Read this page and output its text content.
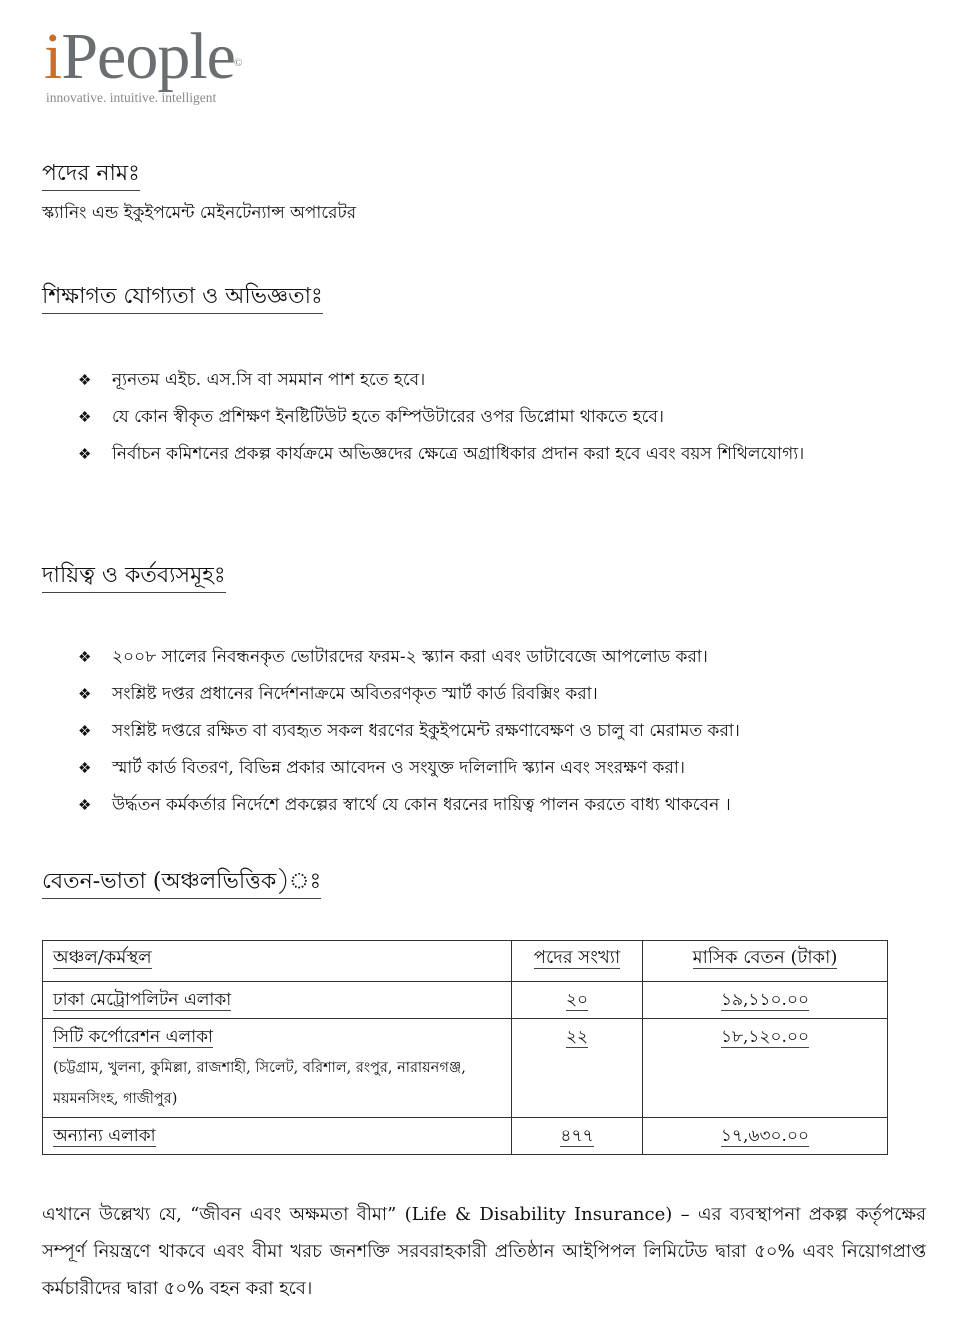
iPeople ©
innovative. intuitive. intelligent
পদের নামঃ
স্ক্যানিং এন্ড ইকুইপমেন্ট মেইনটেন্যান্স অপারেটর
শিক্ষাগত যোগ্যতা ও অভিজ্ঞতাঃ
❖ ন্যূনতম এইচ. এস.সি বা সমমান পাশ হতে হবে।
❖ যে কোন স্বীকৃত প্রশিক্ষণ ইনষ্টিটিউট হতে কম্পিউটারের ওপর ডিপ্লোমা থাকতে হবে।
❖ নির্বাচন কমিশনের প্রকল্প কার্যক্রমে অভিজ্ঞদের ক্ষেত্রে অগ্রাধিকার প্রদান করা হবে এবং বয়স শিথিলযোগ্য।
দায়িত্ব ও কর্তব্যসমূহঃ
❖ ২০০৮ সালের নিবন্ধনকৃত ভোটারদের ফরম-২ স্ক্যান করা এবং ডাটাবেজে আপলোড করা।
❖ সংশ্লিষ্ট দপ্তর প্রধানের নির্দেশনাক্রমে অবিতরণকৃত স্মার্ট কার্ড রিবক্সিং করা।
❖ সংশ্লিষ্ট দপ্তরে রক্ষিত বা ব্যবহৃত সকল ধরণের ইকুইপমেন্ট রক্ষণাবেক্ষণ ও চালু বা মেরামত করা।
❖ স্মার্ট কার্ড বিতরণ, বিভিন্ন প্রকার আবেদন ও সংযুক্ত দলিলাদি স্ক্যান এবং সংরক্ষণ করা।
❖ উর্দ্ধতন কর্মকর্তার নির্দেশে প্রকল্পের স্বার্থে যে কোন ধরনের দায়িত্ব পালন করতে বাধ্য থাকবেন ।
বেতন-ভাতা (অঞ্চলভিত্তিক)ঃ
অঞ্চল/কর্মস্থল	পদের সংখ্যা	মাসিক বেতন (টাকা)
ঢাকা মেট্রোপলিটন এলাকা	২০	১৯,১১০.০০
সিটি কর্পোরেশন এলাকা
(চট্টগ্রাম, খুলনা, কুমিল্লা, রাজশাহী, সিলেট, বরিশাল, রংপুর, নারায়নগঞ্জ, ময়মনসিংহ, গাজীপুর)	২২	১৮,১২০.০০
অন্যান্য এলাকা	৪৭৭	১৭,৬৩০.০০
এখানে উল্লেখ্য যে, “জীবন এবং অক্ষমতা বীমা” (Life & Disability Insurance) – এর ব্যবস্থাপনা প্রকল্প কর্তৃপক্ষের সম্পূর্ণ নিয়ন্ত্রণে থাকবে এবং বীমা খরচ জনশক্তি সরবরাহকারী প্রতিষ্ঠান আইপিপল লিমিটেড দ্বারা ৫০% এবং নিয়োগপ্রাপ্ত কর্মচারীদের দ্বারা ৫০% বহন করা হবে।
